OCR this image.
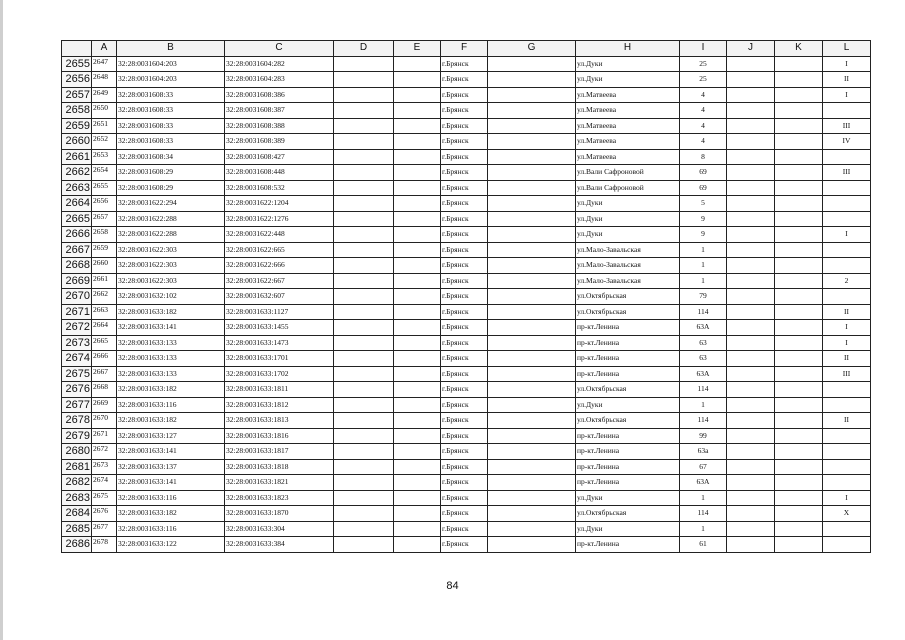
	A	B	C	D	E	F	G	H	I	J	K	L
2655	2647	32:28:0031604:203	32:28:0031604:282			г.Брянск		ул.Дуки	25			I
2656	2648	32:28:0031604:203	32:28:0031604:283			г.Брянск		ул.Дуки	25			II
2657	2649	32:28:0031608:33	32:28:0031608:386			г.Брянск		ул.Матвеева	4			I
2658	2650	32:28:0031608:33	32:28:0031608:387			г.Брянск		ул.Матвеева	4			
2659	2651	32:28:0031608:33	32:28:0031608:388			г.Брянск		ул.Матвеева	4			III
2660	2652	32:28:0031608:33	32:28:0031608:389			г.Брянск		ул.Матвеева	4			IV
2661	2653	32:28:0031608:34	32:28:0031608:427			г.Брянск		ул.Матвеева	8			
2662	2654	32:28:0031608:29	32:28:0031608:448			г.Брянск		ул.Вали Сафроновой	69			III
2663	2655	32:28:0031608:29	32:28:0031608:532			г.Брянск		ул.Вали Сафроновой	69			
2664	2656	32:28:0031622:294	32:28:0031622:1204			г.Брянск		ул.Дуки	5			
2665	2657	32:28:0031622:288	32:28:0031622:1276			г.Брянск		ул.Дуки	9			
2666	2658	32:28:0031622:288	32:28:0031622:448			г.Брянск		ул.Дуки	9			I
2667	2659	32:28:0031622:303	32:28:0031622:665			г.Брянск		ул.Мало-Завальская	1			
2668	2660	32:28:0031622:303	32:28:0031622:666			г.Брянск		ул.Мало-Завальская	1			
2669	2661	32:28:0031622:303	32:28:0031622:667			г.Брянск		ул.Мало-Завальская	1			2
2670	2662	32:28:0031632:102	32:28:0031632:607			г.Брянск		ул.Октябрьская	79			
2671	2663	32:28:0031633:182	32:28:0031633:1127			г.Брянск		ул.Октябрьская	114			II
2672	2664	32:28:0031633:141	32:28:0031633:1455			г.Брянск		пр-кт.Ленина	63А			I
2673	2665	32:28:0031633:133	32:28:0031633:1473			г.Брянск		пр-кт.Ленина	63			I
2674	2666	32:28:0031633:133	32:28:0031633:1701			г.Брянск		пр-кт.Ленина	63			II
2675	2667	32:28:0031633:133	32:28:0031633:1702			г.Брянск		пр-кт.Ленина	63А			III
2676	2668	32:28:0031633:182	32:28:0031633:1811			г.Брянск		ул.Октябрьская	114			
2677	2669	32:28:0031633:116	32:28:0031633:1812			г.Брянск		ул.Дуки	1			
2678	2670	32:28:0031633:182	32:28:0031633:1813			г.Брянск		ул.Октябрьская	114			II
2679	2671	32:28:0031633:127	32:28:0031633:1816			г.Брянск		пр-кт.Ленина	99			
2680	2672	32:28:0031633:141	32:28:0031633:1817			г.Брянск		пр-кт.Ленина	63а			
2681	2673	32:28:0031633:137	32:28:0031633:1818			г.Брянск		пр-кт.Ленина	67			
2682	2674	32:28:0031633:141	32:28:0031633:1821			г.Брянск		пр-кт.Ленина	63А			
2683	2675	32:28:0031633:116	32:28:0031633:1823			г.Брянск		ул.Дуки	1			I
2684	2676	32:28:0031633:182	32:28:0031633:1870			г.Брянск		ул.Октябрьская	114			X
2685	2677	32:28:0031633:116	32:28:0031633:304			г.Брянск		ул.Дуки	1			
2686	2678	32:28:0031633:122	32:28:0031633:384			г.Брянск		пр-кт.Ленина	61			
84
